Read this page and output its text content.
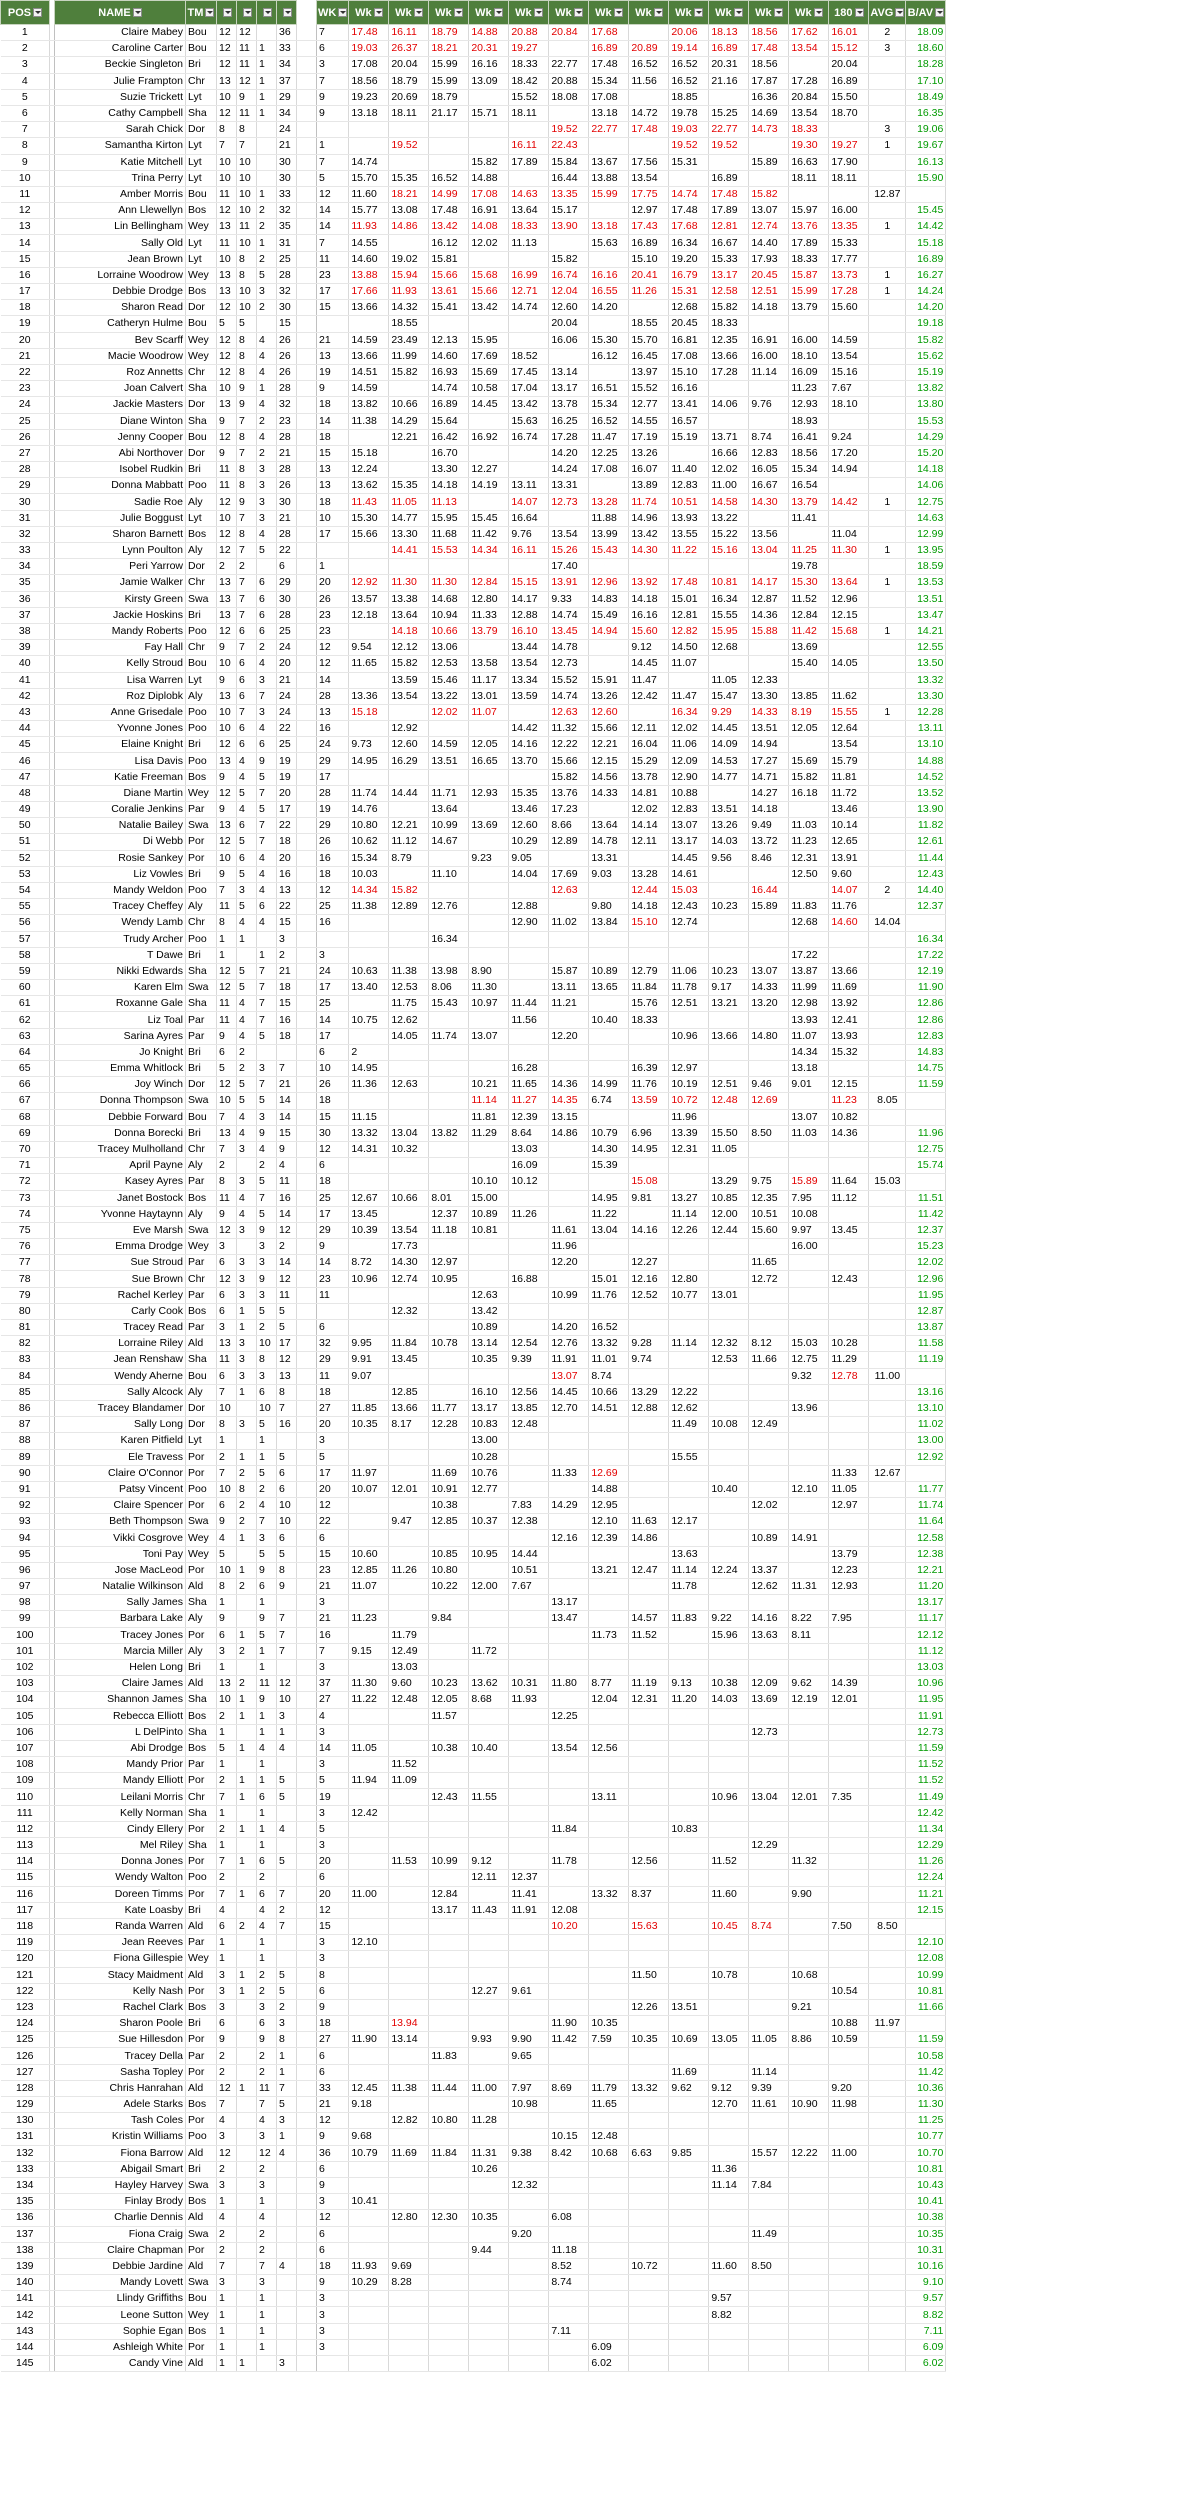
POS		NAME	TM						WK	Wk	Wk	Wk	Wk	Wk	Wk	Wk	Wk	Wk	Wk	Wk	Wk	180	AVG	B/AV
1		Claire Mabey	Bou	12	12		36		7	17.48	16.11	18.79	14.88	20.88	20.84	17.68		20.06	18.13	18.56	17.62	16.01	2	18.09
2		Caroline Carter	Bou	12	11	1	33		6	19.03	26.37	18.21	20.31	19.27		16.89	20.89	19.14	16.89	17.48	13.54	15.12	3	18.60
3		Beckie Singleton	Bri	12	11	1	34		3	17.08	20.04	15.99	16.16	18.33	22.77	17.48	16.52	16.52	20.31	18.56		20.04		18.28
4		Julie Frampton	Chr	13	12	1	37		7	18.56	18.79	15.99	13.09	18.42	20.88	15.34	11.56	16.52	21.16	17.87	17.28	16.89		17.10
5		Suzie Trickett	Lyt	10	9	1	29		9	19.23	20.69	18.79		15.52	18.08	17.08		18.85		16.36	20.84	15.50		18.49
6		Cathy Campbell	Sha	12	11	1	34		9	13.18	18.11	21.17	15.71	18.11		13.18	14.72	19.78	15.25	14.69	13.54	18.70		16.35
7		Sarah Chick	Dor	8	8		24								19.52	22.77	17.48	19.03	22.77	14.73	18.33		3	19.06
8		Samantha Kirton	Lyt	7	7		21		1		19.52			16.11	22.43			19.52	19.52		19.30	19.27	1	19.67
9		Katie Mitchell	Lyt	10	10		30		7	14.74			15.82	17.89	15.84	13.67	17.56	15.31		15.89	16.63	17.90		16.13
10		Trina Perry	Lyt	10	10		30		5	15.70	15.35	16.52	14.88		16.44	13.88	13.54		16.89		18.11	18.11		15.90
11		Amber Morris	Bou	11	10	1	33		12	11.60	18.21	14.99	17.08	14.63	13.35	15.99	17.75	14.74	17.48	15.82			12.87	
12		Ann Llewellyn	Bos	12	10	2	32		14	15.77	13.08	17.48	16.91	13.64	15.17		12.97	17.48	17.89	13.07	15.97	16.00		15.45
13		Lin Bellingham	Wey	13	11	2	35		14	11.93	14.86	13.42	14.08	18.33	13.90	13.18	17.43	17.68	12.81	12.74	13.76	13.35	1	14.42
14		Sally Old	Lyt	11	10	1	31		7	14.55		16.12	12.02	11.13		15.63	16.89	16.34	16.67	14.40	17.89	15.33		15.18
15		Jean Brown	Lyt	10	8	2	25		11	14.60	19.02	15.81			15.82		15.10	19.20	15.33	17.93	18.33	17.77		16.89
16		Lorraine Woodrow	Wey	13	8	5	28		23	13.88	15.94	15.66	15.68	16.99	16.74	16.16	20.41	16.79	13.17	20.45	15.87	13.73	1	16.27
17		Debbie Drodge	Bos	13	10	3	32		17	17.66	11.93	13.61	15.66	12.71	12.04	16.55	11.26	15.31	12.58	12.51	15.99	17.28	1	14.24
18		Sharon Read	Dor	12	10	2	30		15	13.66	14.32	15.41	13.42	14.74	12.60	14.20		12.68	15.82	14.18	13.79	15.60		14.20
19		Catheryn Hulme	Bou	5	5		15				18.55				20.04		18.55	20.45	18.33					19.18
20		Bev Scarff	Wey	12	8	4	26		21	14.59	23.49	12.13	15.95		16.06	15.30	15.70	16.81	12.35	16.91	16.00	14.59		15.82
21		Macie Woodrow	Wey	12	8	4	26		13	13.66	11.99	14.60	17.69	18.52		16.12	16.45	17.08	13.66	16.00	18.10	13.54		15.62
22		Roz Annetts	Chr	12	8	4	26		19	14.51	15.82	16.93	15.69	17.45	13.14		13.97	15.10	17.28	11.14	16.09	15.16		15.19
23		Joan Calvert	Sha	10	9	1	28		9	14.59		14.74	10.58	17.04	13.17	16.51	15.52	16.16			11.23	7.67		13.82
24		Jackie Masters	Dor	13	9	4	32		18	13.82	10.66	16.89	14.45	13.42	13.78	15.34	12.77	13.41	14.06	9.76	12.93	18.10		13.80
25		Diane Winton	Sha	9	7	2	23		14	11.38	14.29	15.64		15.63	16.25	16.52	14.55	16.57			18.93			15.53
26		Jenny Cooper	Bou	12	8	4	28		18		12.21	16.42	16.92	16.74	17.28	11.47	17.19	15.19	13.71	8.74	16.41	9.24		14.29
27		Abi Northover	Dor	9	7	2	21		15	15.18		16.70			14.20	12.25	13.26		16.66	12.83	18.56	17.20		15.20
28		Isobel Rudkin	Bri	11	8	3	28		13	12.24		13.30	12.27		14.24	17.08	16.07	11.40	12.02	16.05	15.34	14.94		14.18
29		Donna Mabbatt	Poo	11	8	3	26		13	13.62	15.35	14.18	14.19	13.11	13.31		13.89	12.83	11.00	16.67	16.54			14.06
30		Sadie Roe	Aly	12	9	3	30		18	11.43	11.05	11.13		14.07	12.73	13.28	11.74	10.51	14.58	14.30	13.79	14.42	1	12.75
31		Julie Boggust	Lyt	10	7	3	21		10	15.30	14.77	15.95	15.45	16.64		11.88	14.96	13.93	13.22		11.41			14.63
32		Sharon Barnett	Bos	12	8	4	28		17	15.66	13.30	11.68	11.42	9.76	13.54	13.99	13.42	13.55	15.22	13.56		11.04		12.99
33		Lynn Poulton	Aly	12	7	5	22				14.41	15.53	14.34	16.11	15.26	15.43	14.30	11.22	15.16	13.04	11.25	11.30	1	13.95
34		Peri Yarrow	Dor	2	2		6		1						17.40						19.78			18.59
35		Jamie Walker	Chr	13	7	6	29		20	12.92	11.30	11.30	12.84	15.15	13.91	12.96	13.92	17.48	10.81	14.17	15.30	13.64	1	13.53
36		Kirsty Green	Swa	13	7	6	30		26	13.57	13.38	14.68	12.80	14.17	9.33	14.83	14.18	15.01	16.34	12.87	11.52	12.96		13.51
37		Jackie Hoskins	Bri	13	7	6	28		23	12.18	13.64	10.94	11.33	12.88	14.74	15.49	16.16	12.81	15.55	14.36	12.84	12.15		13.47
38		Mandy Roberts	Poo	12	6	6	25		23		14.18	10.66	13.79	16.10	13.45	14.94	15.60	12.82	15.95	15.88	11.42	15.68	1	14.21
39		Fay Hall	Chr	9	7	2	24		12	9.54	12.12	13.06		13.44	14.78		9.12	14.50	12.68		13.69			12.55
40		Kelly Stroud	Bou	10	6	4	20		12	11.65	15.82	12.53	13.58	13.54	12.73		14.45	11.07			15.40	14.05		13.50
41		Lisa Warren	Lyt	9	6	3	21		14		13.59	15.46	11.17	13.34	15.52	15.91	11.47		11.05	12.33				13.32
42		Roz Diplobk	Aly	13	6	7	24		28	13.36	13.54	13.22	13.01	13.59	14.74	13.26	12.42	11.47	15.47	13.30	13.85	11.62		13.30
43		Anne Grisedale	Poo	10	7	3	24		13	15.18		12.02	11.07		12.63	12.60		16.34	9.29	14.33	8.19	15.55	1	12.28
44		Yvonne Jones	Poo	10	6	4	22		16		12.92			14.42	11.32	15.66	12.11	12.02	14.45	13.51	12.05	12.64		13.11
45		Elaine Knight	Bri	12	6	6	25		24	9.73	12.60	14.59	12.05	14.16	12.22	12.21	16.04	11.06	14.09	14.94		13.54		13.10
46		Lisa Davis	Poo	13	4	9	19		29	14.95	16.29	13.51	16.65	13.70	15.66	12.15	15.29	12.09	14.53	17.27	15.69	15.79		14.88
47		Katie Freeman	Bos	9	4	5	19		17						15.82	14.56	13.78	12.90	14.77	14.71	15.82	11.81		14.52
48		Diane Martin	Wey	12	5	7	20		28	11.74	14.44	11.71	12.93	15.35	13.76	14.33	14.81	10.88		14.27	16.18	11.72		13.52
49		Coralie Jenkins	Par	9	4	5	17		19	14.76		13.64		13.46	17.23		12.02	12.83	13.51	14.18		13.46		13.90
50		Natalie Bailey	Swa	13	6	7	22		29	10.80	12.21	10.99	13.69	12.60	8.66	13.64	14.14	13.07	13.26	9.49	11.03	10.14		11.82
51		Di Webb	Por	12	5	7	18		26	10.62	11.12	14.67		10.29	12.89	14.78	12.11	13.17	14.03	13.72	11.23	12.65		12.61
52		Rosie Sankey	Por	10	6	4	20		16	15.34	8.79		9.23	9.05		13.31		14.45	9.56	8.46	12.31	13.91		11.44
53		Liz Vowles	Bri	9	5	4	16		18	10.03		11.10		14.04	17.69	9.03	13.28	14.61			12.50	9.60		12.43
54		Mandy Weldon	Poo	7	3	4	13		12	14.34	15.82				12.63		12.44	15.03		16.44		14.07	2	14.40
55		Tracey Cheffey	Aly	11	5	6	22		25	11.38	12.89	12.76		12.88		9.80	14.18	12.43	10.23	15.89	11.83	11.76		12.37
56		Wendy Lamb	Chr	8	4	4	15		16					12.90	11.02	13.84	15.10	12.74			12.68	14.60	14.04	
57		Trudy Archer	Poo	1	1		3					16.34												16.34
58		T Dawe	Bri	1		1	2		3												17.22			17.22
59		Nikki Edwards	Sha	12	5	7	21		24	10.63	11.38	13.98	8.90		15.87	10.89	12.79	11.06	10.23	13.07	13.87	13.66		12.19
60		Karen Elm	Swa	12	5	7	18		17	13.40	12.53	8.06	11.30		13.11	13.65	11.84	11.78	9.17	14.33	11.99	11.69		11.90
61		Roxanne Gale	Sha	11	4	7	15		25		11.75	15.43	10.97	11.44	11.21		15.76	12.51	13.21	13.20	12.98	13.92		12.86
62		Liz Toal	Par	11	4	7	16		14	10.75	12.62			11.56		10.40	18.33				13.93	12.41		12.86
63		Sarina Ayres	Par	9	4	5	18		17		14.05	11.74	13.07		12.20			10.96	13.66	14.80	11.07	13.93		12.83
64		Jo Knight	Bri	6	2				6	2											14.34	15.32		14.83
65		Emma Whitlock	Bri	5	2	3	7		10	14.95				16.28			16.39	12.97			13.18			14.75
66		Joy Winch	Dor	12	5	7	21		26	11.36	12.63		10.21	11.65	14.36	14.99	11.76	10.19	12.51	9.46	9.01	12.15		11.59
67		Donna Thompson	Swa	10	5	5	14		18				11.14	11.27	14.35	6.74	13.59	10.72	12.48	12.69		11.23	8.05	
68		Debbie Forward	Bou	7	4	3	14		15	11.15			11.81	12.39	13.15			11.96			13.07	10.82		
69		Donna Borecki	Bri	13	4	9	15		30	13.32	13.04	13.82	11.29	8.64	14.86	10.79	6.96	13.39	15.50	8.50	11.03	14.36		11.96
70		Tracey Mulholland	Chr	7	3	4	9		12	14.31	10.32			13.03		14.30	14.95	12.31	11.05					12.75
71		April Payne	Aly	2		2	4		6					16.09		15.39								15.74
72		Kasey Ayres	Par	8	3	5	11		18				10.10	10.12			15.08		13.29	9.75	15.89	11.64	15.03	
73		Janet Bostock	Bos	11	4	7	16		25	12.67	10.66	8.01	15.00			14.95	9.81	13.27	10.85	12.35	7.95	11.12		11.51
74		Yvonne Haytaynn	Aly	9	4	5	14		17	13.45		12.37	10.89	11.26		11.22		11.14	12.00	10.51	10.08			11.42
75		Eve Marsh	Swa	12	3	9	12		29	10.39	13.54	11.18	10.81		11.61	13.04	14.16	12.26	12.44	15.60	9.97	13.45		12.37
76		Emma Drodge	Wey	3		3	2		9		17.73				11.96						16.00			15.23
77		Sue Stroud	Par	6	3	3	14		14	8.72	14.30	12.97			12.20		12.27			11.65				12.02
78		Sue Brown	Chr	12	3	9	12		23	10.96	12.74	10.95		16.88		15.01	12.16	12.80		12.72		12.43		12.96
79		Rachel Kerley	Par	6	3	3	11		11				12.63		10.99	11.76	12.52	10.77	13.01					11.95
80		Carly Cook	Bos	6	1	5	5				12.32		13.42											12.87
81		Tracey Read	Par	3	1	2	5		6				10.89		14.20	16.52								13.87
82		Lorraine Riley	Ald	13	3	10	17		32	9.95	11.84	10.78	13.14	12.54	12.76	13.32	9.28	11.14	12.32	8.12	15.03	10.28		11.58
83		Jean Renshaw	Sha	11	3	8	12		29	9.91	13.45		10.35	9.39	11.91	11.01	9.74		12.53	11.66	12.75	11.29		11.19
84		Wendy Aherne	Bou	6	3	3	13		11	9.07					13.07	8.74					9.32	12.78	11.00	
85		Sally Alcock	Aly	7	1	6	8		18		12.85		16.10	12.56	14.45	10.66	13.29	12.22						13.16
86		Tracey Blandamer	Dor	10		10	7		27	11.85	13.66	11.77	13.17	13.85	12.70	14.51	12.88	12.62			13.96			13.10
87		Sally Long	Dor	8	3	5	16		20	10.35	8.17	12.28	10.83	12.48				11.49	10.08	12.49				11.02
88		Karen Pitfield	Lyt	1		1			3				13.00											13.00
89		Ele Travess	Por	2	1	1	5		5				10.28					15.55						12.92
90		Claire O'Connor	Por	7	2	5	6		17	11.97		11.69	10.76		11.33	12.69						11.33	12.67	
91		Patsy Vincent	Poo	10	8	2	6		20	10.07	12.01	10.91	12.77			14.88			10.40		12.10	11.05		11.77
92		Claire Spencer	Por	6	2	4	10		12			10.38		7.83	14.29	12.95				12.02		12.97		11.74
93		Beth Thompson	Swa	9	2	7	10		22		9.47	12.85	10.37	12.38		12.10	11.63	12.17						11.64
94		Vikki Cosgrove	Wey	4	1	3	6		6						12.16	12.39	14.86			10.89	14.91			12.58
95		Toni Pay	Wey	5		5	5		15	10.60		10.85	10.95	14.44				13.63				13.79		12.38
96		Jose MacLeod	Por	10	1	9	8		23	12.85	11.26	10.80		10.51		13.21	12.47	11.14	12.24	13.37		12.23		12.21
97		Natalie Wilkinson	Ald	8	2	6	9		21	11.07		10.22	12.00	7.67				11.78		12.62	11.31	12.93		11.20
98		Sally James	Sha	1		1			3						13.17									13.17
99		Barbara Lake	Aly	9		9	7		21	11.23		9.84			13.47		14.57	11.83	9.22	14.16	8.22	7.95		11.17
100		Tracey Jones	Por	6	1	5	7		16		11.79					11.73	11.52		15.96	13.63	8.11			12.12
101		Marcia Miller	Aly	3	2	1	7		7	9.15	12.49		11.72											11.12
102		Helen Long	Bri	1		1			3		13.03													13.03
103		Claire James	Ald	13	2	11	12		37	11.30	9.60	10.23	13.62	10.31	11.80	8.77	11.19	9.13	10.38	12.09	9.62	14.39		10.96
104		Shannon James	Sha	10	1	9	10		27	11.22	12.48	12.05	8.68	11.93		12.04	12.31	11.20	14.03	13.69	12.19	12.01		11.95
105		Rebecca Elliott	Bos	2	1	1	3		4			11.57			12.25									11.91
106		L DelPinto	Sha	1		1	1		3											12.73				12.73
107		Abi Drodge	Bos	5	1	4	4		14	11.05		10.38	10.40		13.54	12.56								11.59
108		Mandy Prior	Par	1		1			3		11.52													11.52
109		Mandy Elliott	Por	2	1	1	5		5	11.94	11.09													11.52
110		Leilani Morris	Chr	7	1	6	5		19			12.43	11.55			13.11			10.96	13.04	12.01	7.35		11.49
111		Kelly Norman	Sha	1		1			3	12.42														12.42
112		Cindy Ellery	Por	2	1	1	4		5						11.84			10.83						11.34
113		Mel Riley	Sha	1		1			3											12.29				12.29
114		Donna Jones	Por	7	1	6	5		20		11.53	10.99	9.12		11.78		12.56		11.52		11.32			11.26
115		Wendy Walton	Poo	2		2			6				12.11	12.37										12.24
116		Doreen Timms	Por	7	1	6	7		20	11.00		12.84		11.41		13.32	8.37		11.60		9.90			11.21
117		Kate Loasby	Bri	4		4	2		12			13.17	11.43	11.91	12.08									12.15
118		Randa Warren	Ald	6	2	4	7		15						10.20		15.63		10.45	8.74		7.50	8.50	
119		Jean Reeves	Par	1		1			3	12.10														12.10
120		Fiona Gillespie	Wey	1		1			3															12.08
121		Stacy Maidment	Ald	3	1	2	5		8								11.50		10.78		10.68			10.99
122		Kelly Nash	Por	3	1	2	5		6				12.27	9.61								10.54		10.81
123		Rachel Clark	Bos	3		3	2		9								12.26	13.51			9.21			11.66
124		Sharon Poole	Bri	6		6	3		18		13.94				11.90	10.35						10.88	11.97	
125		Sue Hillesdon	Por	9		9	8		27	11.90	13.14		9.93	9.90	11.42	7.59	10.35	10.69	13.05	11.05	8.86	10.59		11.59
126		Tracey Della	Par	2		2	1		6			11.83		9.65										10.58
127		Sasha Topley	Por	2		2	1		6									11.69		11.14				11.42
128		Chris Hanrahan	Ald	12	1	11	7		33	12.45	11.38	11.44	11.00	7.97	8.69	11.79	13.32	9.62	9.12	9.39		9.20		10.36
129		Adele Starks	Bos	7		7	5		21	9.18				10.98		11.65			12.70	11.61	10.90	11.98		11.30
130		Tash Coles	Por	4		4	3		12		12.82	10.80	11.28											11.25
131		Kristin Williams	Poo	3		3	1		9	9.68					10.15	12.48								10.77
132		Fiona Barrow	Ald	12		12	4		36	10.79	11.69	11.84	11.31	9.38	8.42	10.68	6.63	9.85		15.57	12.22	11.00		10.70
133		Abigail Smart	Bri	2		2			6				10.26						11.36					10.81
134		Hayley Harvey	Swa	3		3			9					12.32					11.14	7.84				10.43
135		Finlay Brody	Bos	1		1			3	10.41														10.41
136		Charlie Dennis	Ald	4		4			12		12.80	12.30	10.35		6.08									10.38
137		Fiona Craig	Swa	2		2			6					9.20						11.49				10.35
138		Claire Chapman	Por	2		2			6				9.44		11.18									10.31
139		Debbie Jardine	Ald	7		7	4		18	11.93	9.69				8.52		10.72		11.60	8.50				10.16
140		Mandy Lovett	Swa	3		3			9	10.29	8.28				8.74									9.10
141		Llindy Griffiths	Bou	1		1			3										9.57					9.57
142		Leone Sutton	Wey	1		1			3										8.82					8.82
143		Sophie Egan	Bos	1		1			3						7.11									7.11
144		Ashleigh White	Por	1		1			3							6.09								6.09
145		Candy Vine	Ald	1	1		3									6.02								6.02
